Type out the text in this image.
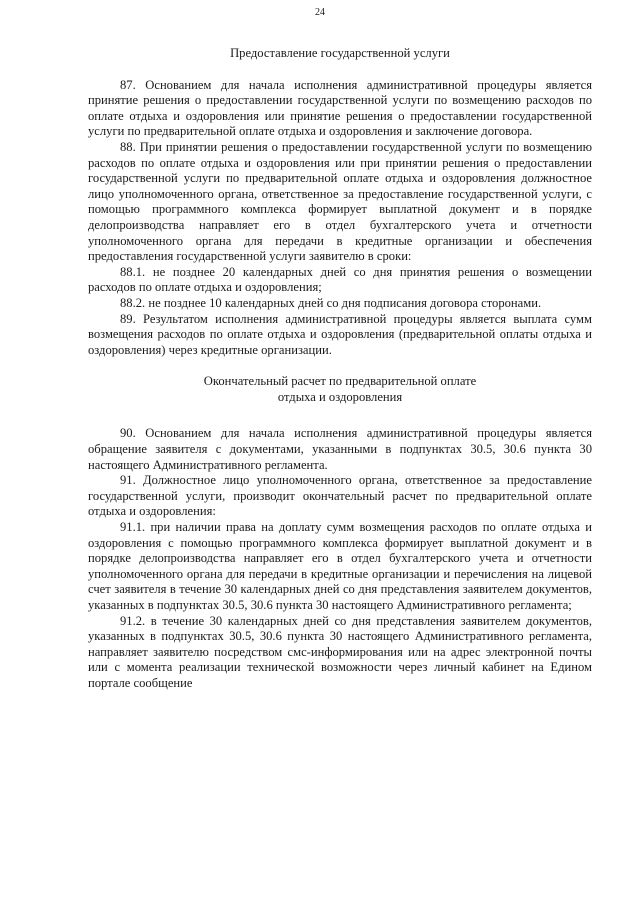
24

Предоставление государственной услуги

87. Основанием для начала исполнения административной процедуры является принятие решения о предоставлении государственной услуги по возмещению расходов по оплате отдыха и оздоровления или принятие решения о предоставлении государственной услуги по предварительной оплате отдыха и оздоровления и заключение договора.

88. При принятии решения о предоставлении государственной услуги по возмещению расходов по оплате отдыха и оздоровления или при принятии решения о предоставлении государственной услуги по предварительной оплате отдыха и оздоровления должностное лицо уполномоченного органа, ответственное за предоставление государственной услуги, с помощью программного комплекса формирует выплатной документ и в порядке делопроизводства направляет его в отдел бухгалтерского учета и отчетности уполномоченного органа для передачи в кредитные организации и обеспечения предоставления государственной услуги заявителю в сроки:

88.1. не позднее 20 календарных дней со дня принятия решения о возмещении расходов по оплате отдыха и оздоровления;

88.2. не позднее 10 календарных дней со дня подписания договора сторонами.

89. Результатом исполнения административной процедуры является выплата сумм возмещения расходов по оплате отдыха и оздоровления (предварительной оплаты отдыха и оздоровления) через кредитные организации.

Окончательный расчет по предварительной оплате
отдыха и оздоровления

90. Основанием для начала исполнения административной процедуры является обращение заявителя с документами, указанными в подпунктах 30.5, 30.6 пункта 30 настоящего Административного регламента.

91. Должностное лицо уполномоченного органа, ответственное за предоставление государственной услуги, производит окончательный расчет по предварительной оплате отдыха и оздоровления:

91.1. при наличии права на доплату сумм возмещения расходов по оплате отдыха и оздоровления с помощью программного комплекса формирует выплатной документ и в порядке делопроизводства направляет его в отдел бухгалтерского учета и отчетности уполномоченного органа для передачи в кредитные организации и перечисления на лицевой счет заявителя в течение 30 календарных дней со дня представления заявителем документов, указанных в подпунктах 30.5, 30.6 пункта 30 настоящего Административного регламента;

91.2. в течение 30 календарных дней со дня представления заявителем документов, указанных в подпунктах 30.5, 30.6 пункта 30 настоящего Административного регламента, направляет заявителю посредством смс-информирования или на адрес электронной почты или с момента реализации технической возможности через личный кабинет на Едином портале сообщение
